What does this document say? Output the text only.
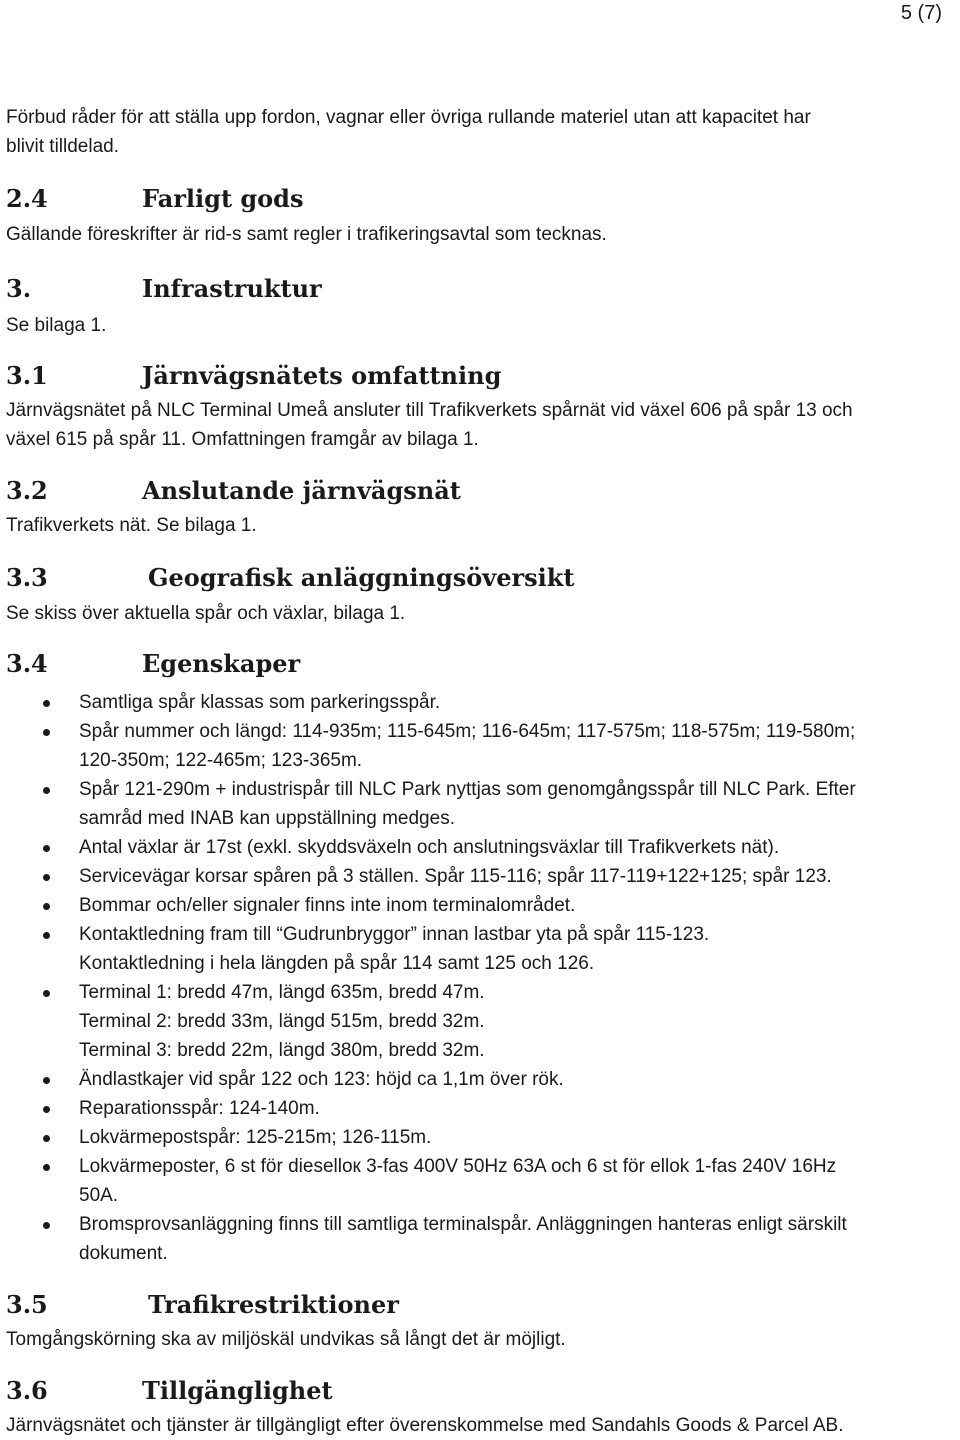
5 (7)
Förbud råder för att ställa upp fordon, vagnar eller övriga rullande materiel utan att kapacitet har
blivit tilldelad.
2.4	Farligt gods
Gällande föreskrifter är rid-s samt regler i trafikeringsavtal som tecknas.
3.	Infrastruktur
Se bilaga 1.
3.1	Järnvägsnätets omfattning
Järnvägsnätet på NLC Terminal Umeå ansluter till Trafikverkets spårnät vid växel 606 på spår 13 och
växel 615 på spår 11. Omfattningen framgår av bilaga 1.
3.2	Anslutande järnvägsnät
Trafikverkets nät. Se bilaga 1.
3.3	Geografisk anläggningsöversikt
Se skiss över aktuella spår och växlar, bilaga 1.
3.4	Egenskaper
Samtliga spår klassas som parkeringsspår.
Spår nummer och längd: 114-935m; 115-645m; 116-645m; 117-575m; 118-575m; 119-580m;
120-350m; 122-465m; 123-365m.
Spår 121-290m + industrispår till NLC Park nyttjas som genomgångsspår till NLC Park. Efter
samråd med INAB kan uppställning medges.
Antal växlar är 17st (exkl. skyddsväxeln och anslutningsväxlar till Trafikverkets nät).
Servicevägar korsar spåren på 3 ställen. Spår 115-116; spår 117-119+122+125; spår 123.
Bommar och/eller signaler finns inte inom terminalområdet.
Kontaktledning fram till “Gudrunbryggor” innan lastbar yta på spår 115-123.
Kontaktledning i hela längden på spår 114 samt 125 och 126.
Terminal 1: bredd 47m, längd 635m, bredd 47m.
Terminal 2: bredd 33m, längd 515m, bredd 32m.
Terminal 3: bredd 22m, längd 380m, bredd 32m.
Ändlastkajer vid spår 122 och 123: höjd ca 1,1m över rök.
Reparationsspår: 124-140m.
Lokvärmepostspår: 125-215m; 126-115m.
Lokvärmeposter, 6 st för dieselloк 3-fas 400V 50Hz 63A och 6 st för ellok 1-fas 240V 16Hz
50A.
Bromsprovsanläggning finns till samtliga terminalspår. Anläggningen hanteras enligt särskilt
dokument.
3.5	Trafikrestriktioner
Tomgångskörning ska av miljöskäl undvikas så långt det är möjligt.
3.6	Tillgänglighet
Järnvägsnätet och tjänster är tillgängligt efter överenskommelse med Sandahls Goods & Parcel AB.
